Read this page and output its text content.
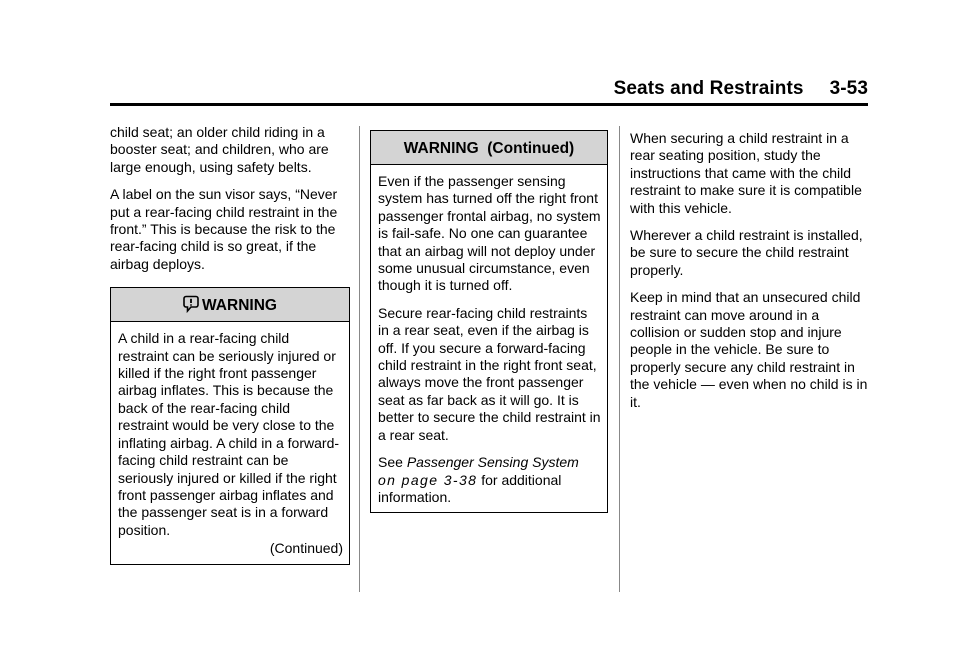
Seats and Restraints 3-53

child seat; an older child riding in a booster seat; and children, who are large enough, using safety belts.

A label on the sun visor says, “Never put a rear-facing child restraint in the front.” This is because the risk to the rear-facing child is so great, if the airbag deploys.

WARNING

A child in a rear-facing child restraint can be seriously injured or killed if the right front passenger airbag inflates. This is because the back of the rear-facing child restraint would be very close to the inflating airbag. A child in a forward-facing child restraint can be seriously injured or killed if the right front passenger airbag inflates and the passenger seat is in a forward position.

(Continued)
WARNING  (Continued)

Even if the passenger sensing system has turned off the right front passenger frontal airbag, no system is fail-safe. No one can guarantee that an airbag will not deploy under some unusual circumstance, even though it is turned off.

Secure rear-facing child restraints in a rear seat, even if the airbag is off. If you secure a forward-facing child restraint in the right front seat, always move the front passenger seat as far back as it will go. It is better to secure the child restraint in a rear seat.

See Passenger Sensing System
on page 3-38 for additional information.

When securing a child restraint in a rear seating position, study the instructions that came with the child restraint to make sure it is compatible with this vehicle.

Wherever a child restraint is installed, be sure to secure the child restraint properly.

Keep in mind that an unsecured child restraint can move around in a collision or sudden stop and injure people in the vehicle. Be sure to properly secure any child restraint in the vehicle — even when no child is in it.
